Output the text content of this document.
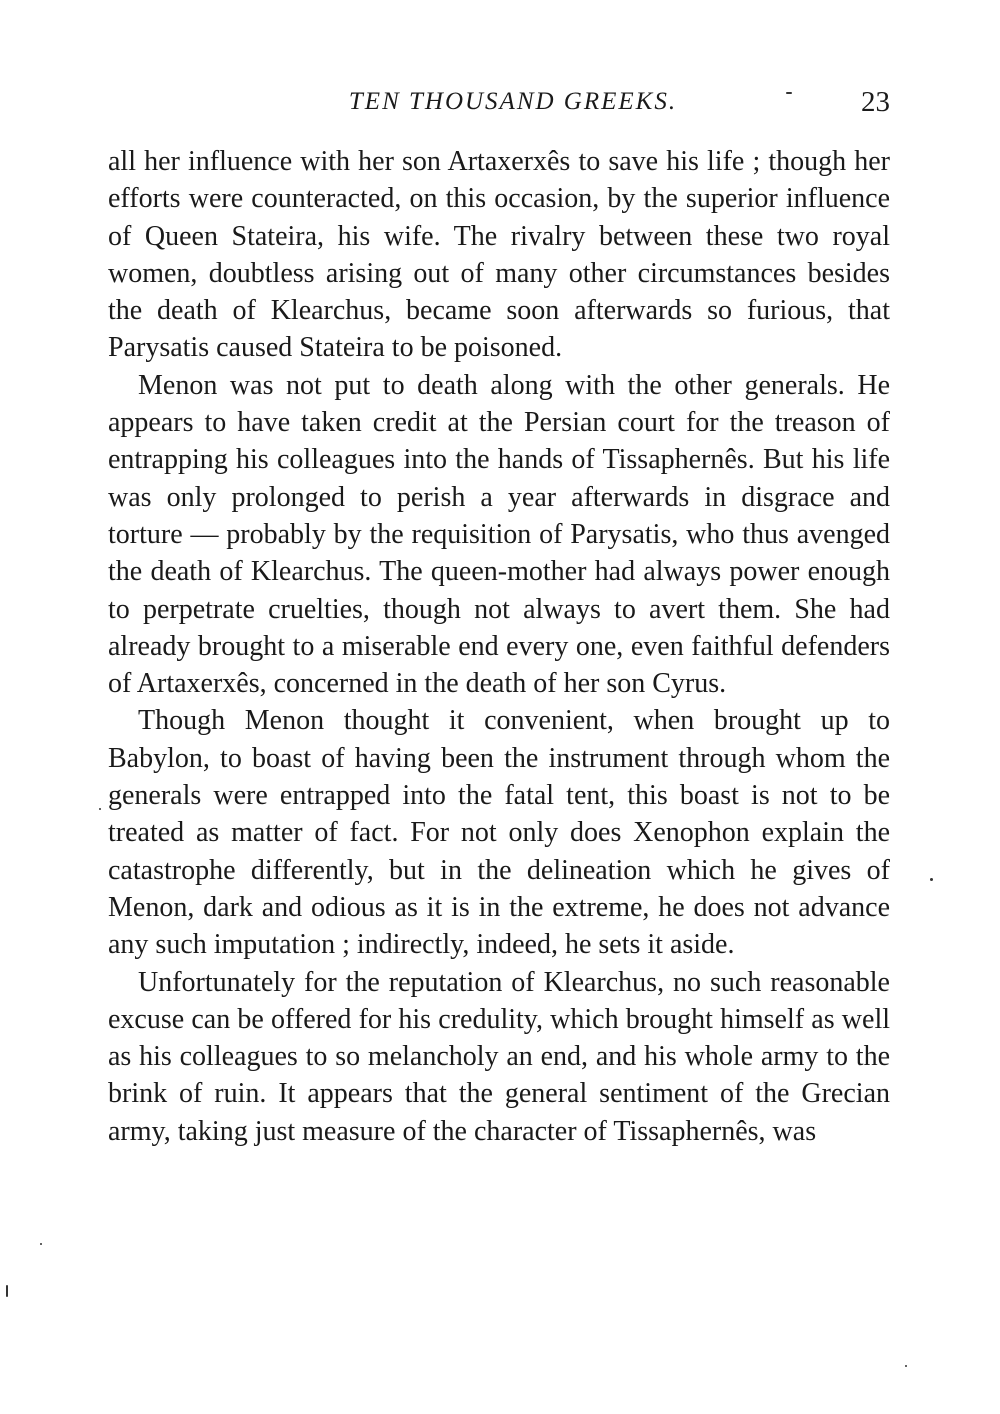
TEN THOUSAND GREEKS.	23

all her influence with her son Artaxerxês to save his life ; though her efforts were counteracted, on this occasion, by the superior influence of Queen Stateira, his wife. The rivalry between these two royal women, doubtless arising out of many other circumstances besides the death of Klearchus, became soon afterwards so furious, that Parysatis caused Stateira to be poisoned.

Menon was not put to death along with the other generals. He appears to have taken credit at the Persian court for the treason of entrapping his colleagues into the hands of Tissaphernês. But his life was only prolonged to perish a year afterwards in disgrace and torture — probably by the requisition of Parysatis, who thus avenged the death of Klearchus. The queen-mother had always power enough to perpetrate cruelties, though not always to avert them. She had already brought to a miserable end every one, even faithful defenders of Artaxerxês, concerned in the death of her son Cyrus.

Though Menon thought it convenient, when brought up to Babylon, to boast of having been the instrument through whom the generals were entrapped into the fatal tent, this boast is not to be treated as matter of fact. For not only does Xenophon explain the catastrophe differently, but in the delineation which he gives of Menon, dark and odious as it is in the extreme, he does not advance any such imputation ; indirectly, indeed, he sets it aside.

Unfortunately for the reputation of Klearchus, no such reasonable excuse can be offered for his credulity, which brought himself as well as his colleagues to so melancholy an end, and his whole army to the brink of ruin. It appears that the general sentiment of the Grecian army, taking just measure of the character of Tissaphernês, was
